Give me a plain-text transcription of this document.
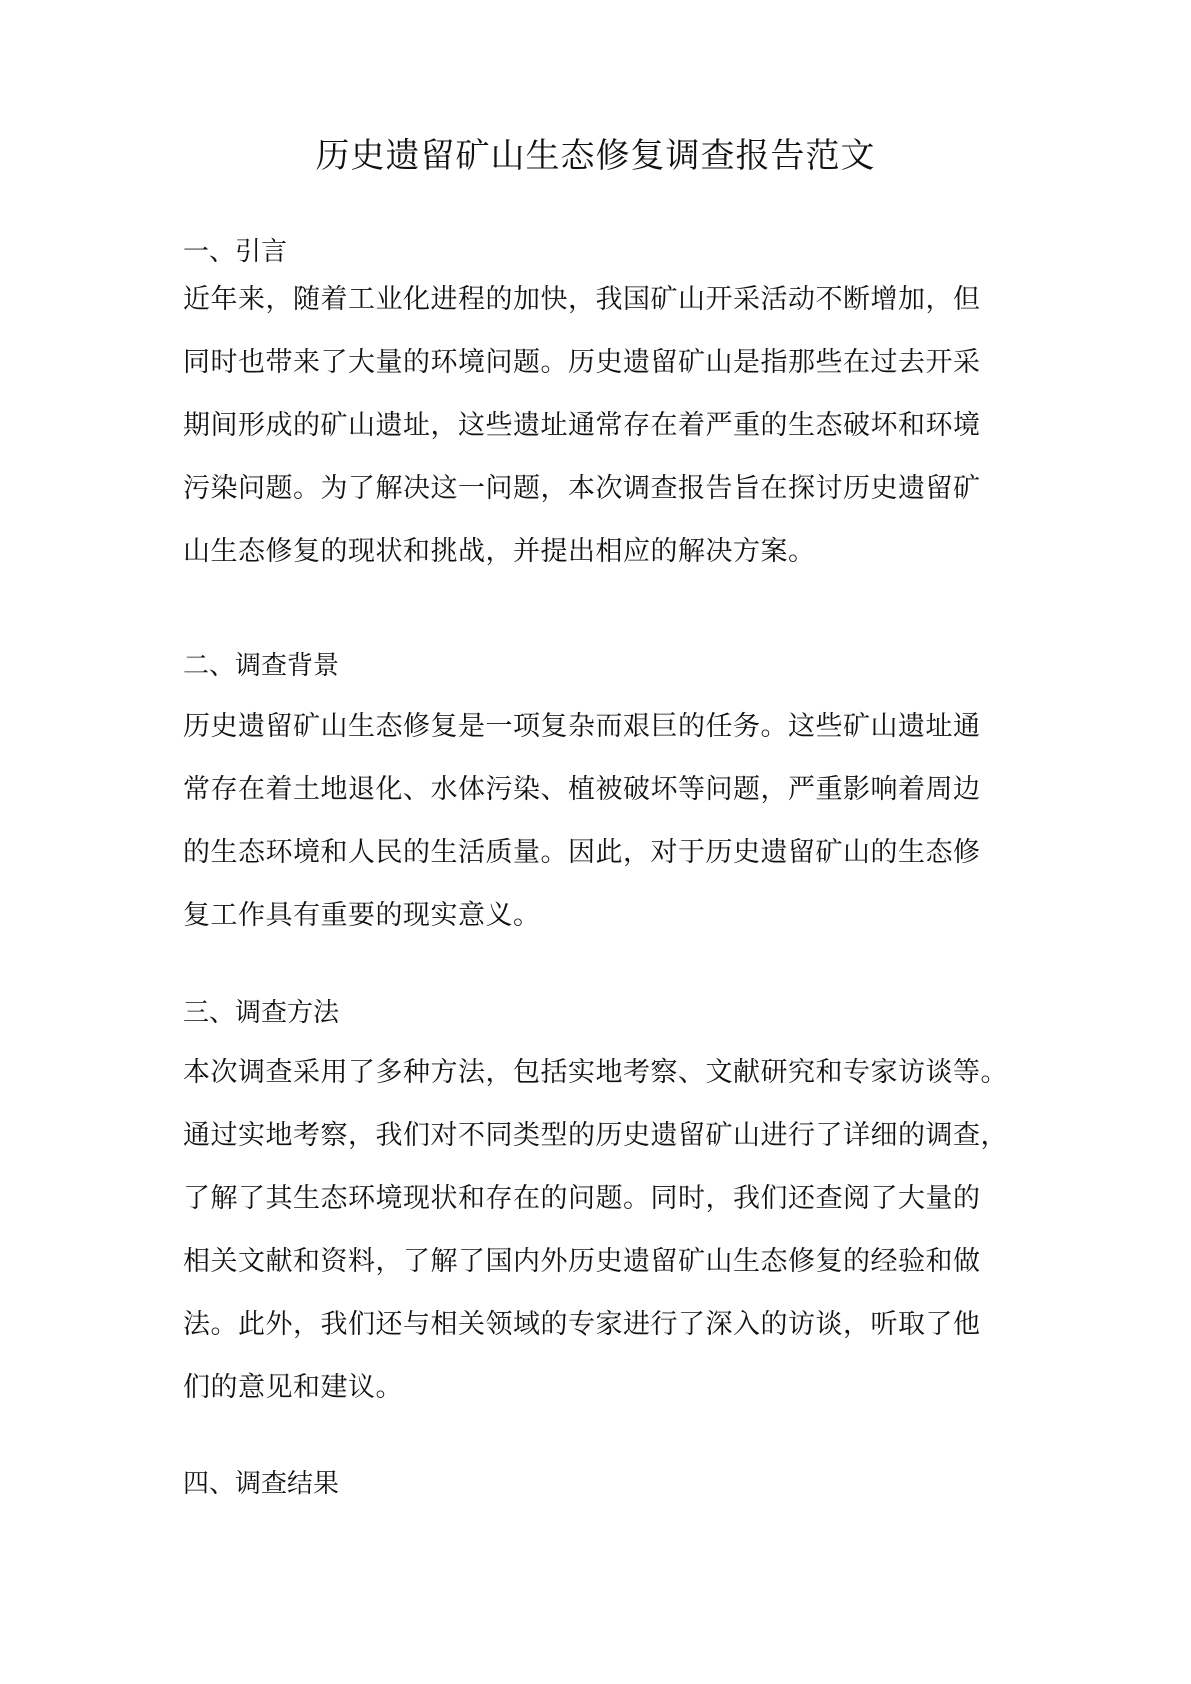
历史遗留矿山生态修复调查报告范文
一、引言
近年来，随着工业化进程的加快，我国矿山开采活动不断增加，但
同时也带来了大量的环境问题。历史遗留矿山是指那些在过去开采
期间形成的矿山遗址，这些遗址通常存在着严重的生态破坏和环境
污染问题。为了解决这一问题，本次调查报告旨在探讨历史遗留矿
山生态修复的现状和挑战，并提出相应的解决方案。
二、调查背景
历史遗留矿山生态修复是一项复杂而艰巨的任务。这些矿山遗址通
常存在着土地退化、水体污染、植被破坏等问题，严重影响着周边
的生态环境和人民的生活质量。因此，对于历史遗留矿山的生态修
复工作具有重要的现实意义。
三、调查方法
本次调查采用了多种方法，包括实地考察、文献研究和专家访谈等。
通过实地考察，我们对不同类型的历史遗留矿山进行了详细的调查，
了解了其生态环境现状和存在的问题。同时，我们还查阅了大量的
相关文献和资料，了解了国内外历史遗留矿山生态修复的经验和做
法。此外，我们还与相关领域的专家进行了深入的访谈，听取了他
们的意见和建议。
四、调查结果
